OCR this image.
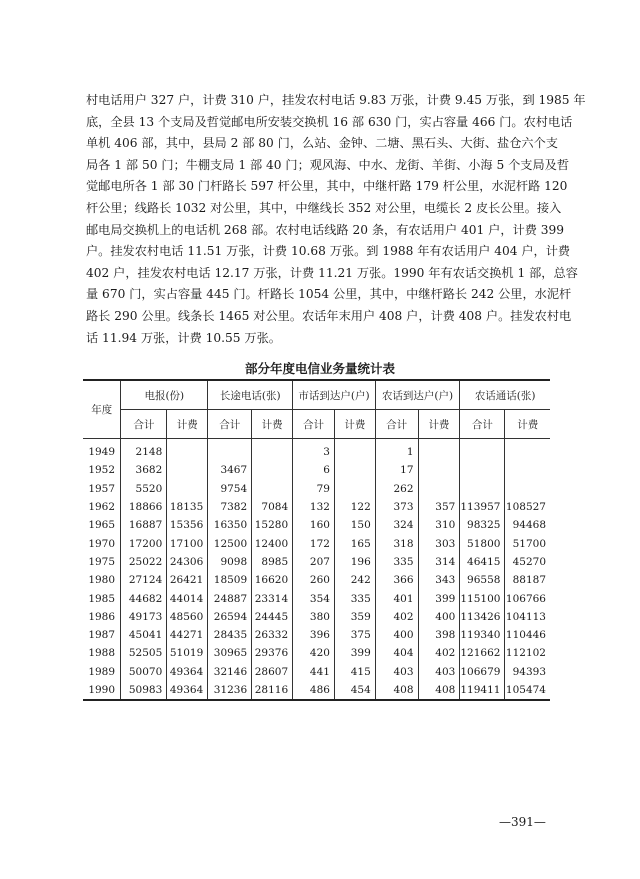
村电话用户 327 户，计费 310 户，挂发农村电话 9.83 万张，计费 9.45 万张，到 1985 年
底，全县 13 个支局及哲觉邮电所安装交换机 16 部 630 门，实占容量 466 门。农村电话
单机 406 部，其中，县局 2 部 80 门，么站、金钟、二塘、黑石头、大街、盐仓六个支
局各 1 部 50 门；牛棚支局 1 部 40 门；观风海、中水、龙街、羊街、小海 5 个支局及哲
觉邮电所各 1 部 30 门杆路长 597 杆公里，其中，中继杆路 179 杆公里，水泥杆路 120
杆公里；线路长 1032 对公里，其中，中继线长 352 对公里，电缆长 2 皮长公里。接入
邮电局交换机上的电话机 268 部。农村电话线路 20 条，有农话用户 401 户，计费 399
户。挂发农村电话 11.51 万张，计费 10.68 万张。到 1988 年有农话用户 404 户，计费
402 户，挂发农村电话 12.17 万张，计费 11.21 万张。1990 年有农话交换机 1 部，总容
量 670 门，实占容量 445 门。杆路长 1054 公里，其中，中继杆路长 242 公里，水泥杆
路长 290 公里。线条长 1465 对公里。农话年末用户 408 户，计费 408 户。挂发农村电
话 11.94 万张，计费 10.55 万张。
部分年度电信业务量统计表
年度	电报(份)		长途电话(张)		市话到达户(户)		农话到达户(户)		农话通话(张)	
	合计	计费	合计	计费	合计	计费	合计	计费	合计	计费
1949	2148				3		1			
1952	3682		3467		6		17			
1957	5520		9754		79		262			
1962	18866	18135	7382	7084	132	122	373	357	113957	108527
1965	16887	15356	16350	15280	160	150	324	310	98325	94468
1970	17200	17100	12500	12400	172	165	318	303	51800	51700
1975	25022	24306	9098	8985	207	196	335	314	46415	45270
1980	27124	26421	18509	16620	260	242	366	343	96558	88187
1985	44682	44014	24887	23314	354	335	401	399	115100	106766
1986	49173	48560	26594	24445	380	359	402	400	113426	104113
1987	45041	44271	28435	26332	396	375	400	398	119340	110446
1988	52505	51019	30965	29376	420	399	404	402	121662	112102
1989	50070	49364	32146	28607	441	415	403	403	106679	94393
1990	50983	49364	31236	28116	486	454	408	408	119411	105474
—391—
